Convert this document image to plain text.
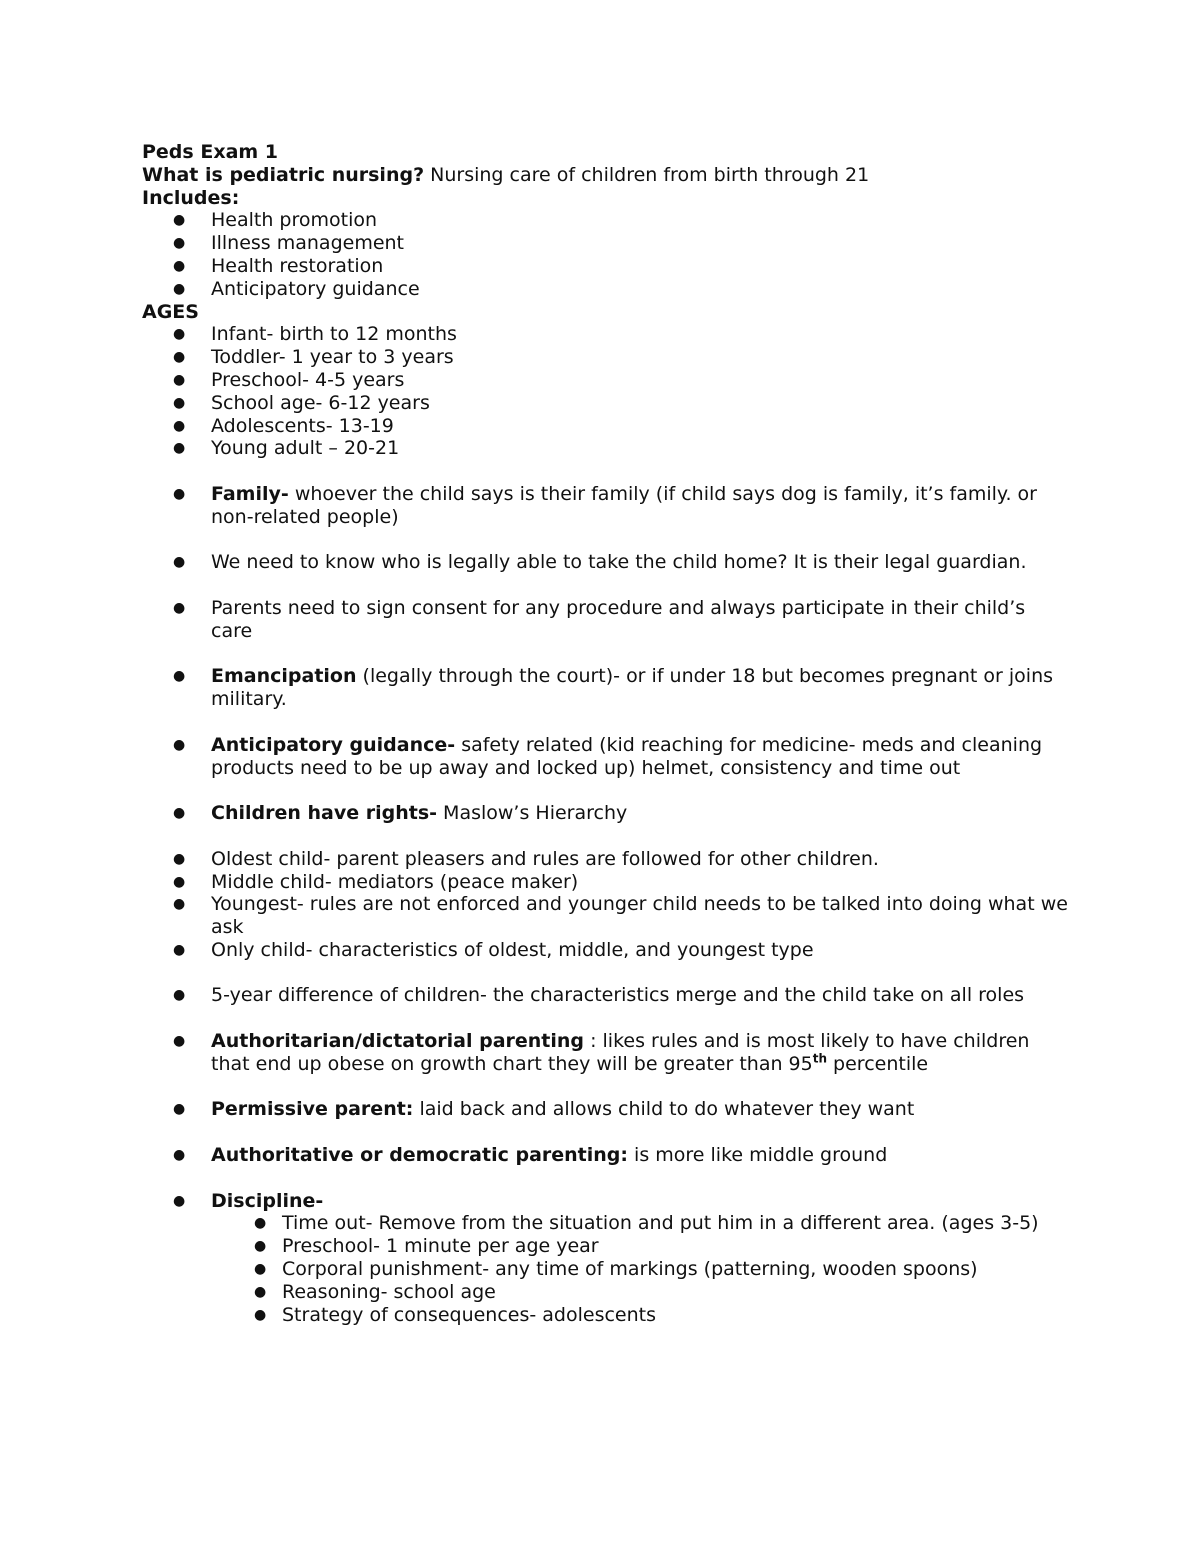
Peds Exam 1

What is pediatric nursing? Nursing care of children from birth through 21

Includes:

● Health promotion
● Illness management
● Health restoration
● Anticipatory guidance

AGES

● Infant- birth to 12 months
● Toddler- 1 year to 3 years
● Preschool- 4-5 years
● School age- 6-12 years
● Adolescents- 13-19
● Young adult – 20-21
● Family- whoever the child says is their family (if child says dog is family, it’s family. or non-related people)
● We need to know who is legally able to take the child home? It is their legal guardian.
● Parents need to sign consent for any procedure and always participate in their child’s care
● Emancipation (legally through the court)- or if under 18 but becomes pregnant or joins military.
● Anticipatory guidance- safety related (kid reaching for medicine- meds and cleaning products need to be up away and locked up) helmet, consistency and time out
● Children have rights- Maslow’s Hierarchy
● Oldest child- parent pleasers and rules are followed for other children.
● Middle child- mediators (peace maker)
● Youngest- rules are not enforced and younger child needs to be talked into doing what we ask
● Only child- characteristics of oldest, middle, and youngest type
● 5-year difference of children- the characteristics merge and the child take on all roles
● Authoritarian/dictatorial parenting : likes rules and is most likely to have children that end up obese on growth chart they will be greater than 95th percentile
● Permissive parent: laid back and allows child to do whatever they want
● Authoritative or democratic parenting: is more like middle ground
● Discipline-
● Time out- Remove from the situation and put him in a different area. (ages 3-5)
● Preschool- 1 minute per age year
● Corporal punishment- any time of markings (patterning, wooden spoons)
● Reasoning- school age
● Strategy of consequences- adolescents
